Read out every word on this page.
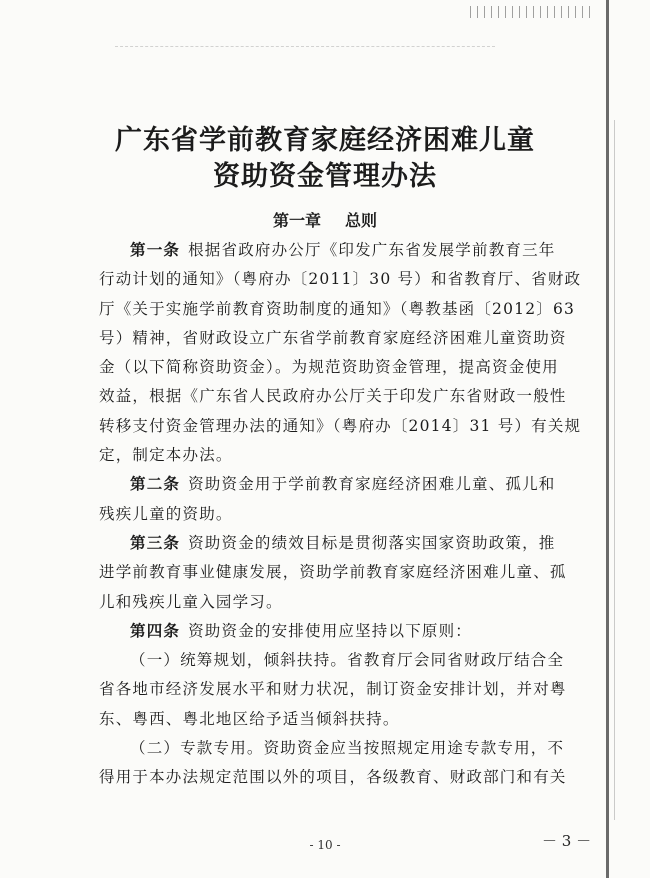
广东省学前教育家庭经济困难儿童
资助资金管理办法
第一章 总则
第一条 根据省政府办公厅《印发广东省发展学前教育三年
行动计划的通知》（粤府办〔2011〕30 号）和省教育厅、省财政
厅《关于实施学前教育资助制度的通知》（粤教基函〔2012〕63
号）精神，省财政设立广东省学前教育家庭经济困难儿童资助资
金（以下简称资助资金）。为规范资助资金管理，提高资金使用
效益，根据《广东省人民政府办公厅关于印发广东省财政一般性
转移支付资金管理办法的通知》（粤府办〔2014〕31 号）有关规
定，制定本办法。
第二条 资助资金用于学前教育家庭经济困难儿童、孤儿和
残疾儿童的资助。
第三条 资助资金的绩效目标是贯彻落实国家资助政策，推
进学前教育事业健康发展，资助学前教育家庭经济困难儿童、孤
儿和残疾儿童入园学习。
第四条 资助资金的安排使用应坚持以下原则：
（一）统筹规划，倾斜扶持。省教育厅会同省财政厅结合全
省各地市经济发展水平和财力状况，制订资金安排计划，并对粤
东、粤西、粤北地区给予适当倾斜扶持。
（二）专款专用。资助资金应当按照规定用途专款专用，不
得用于本办法规定范围以外的项目，各级教育、财政部门和有关
- 10 -	－ 3 －
